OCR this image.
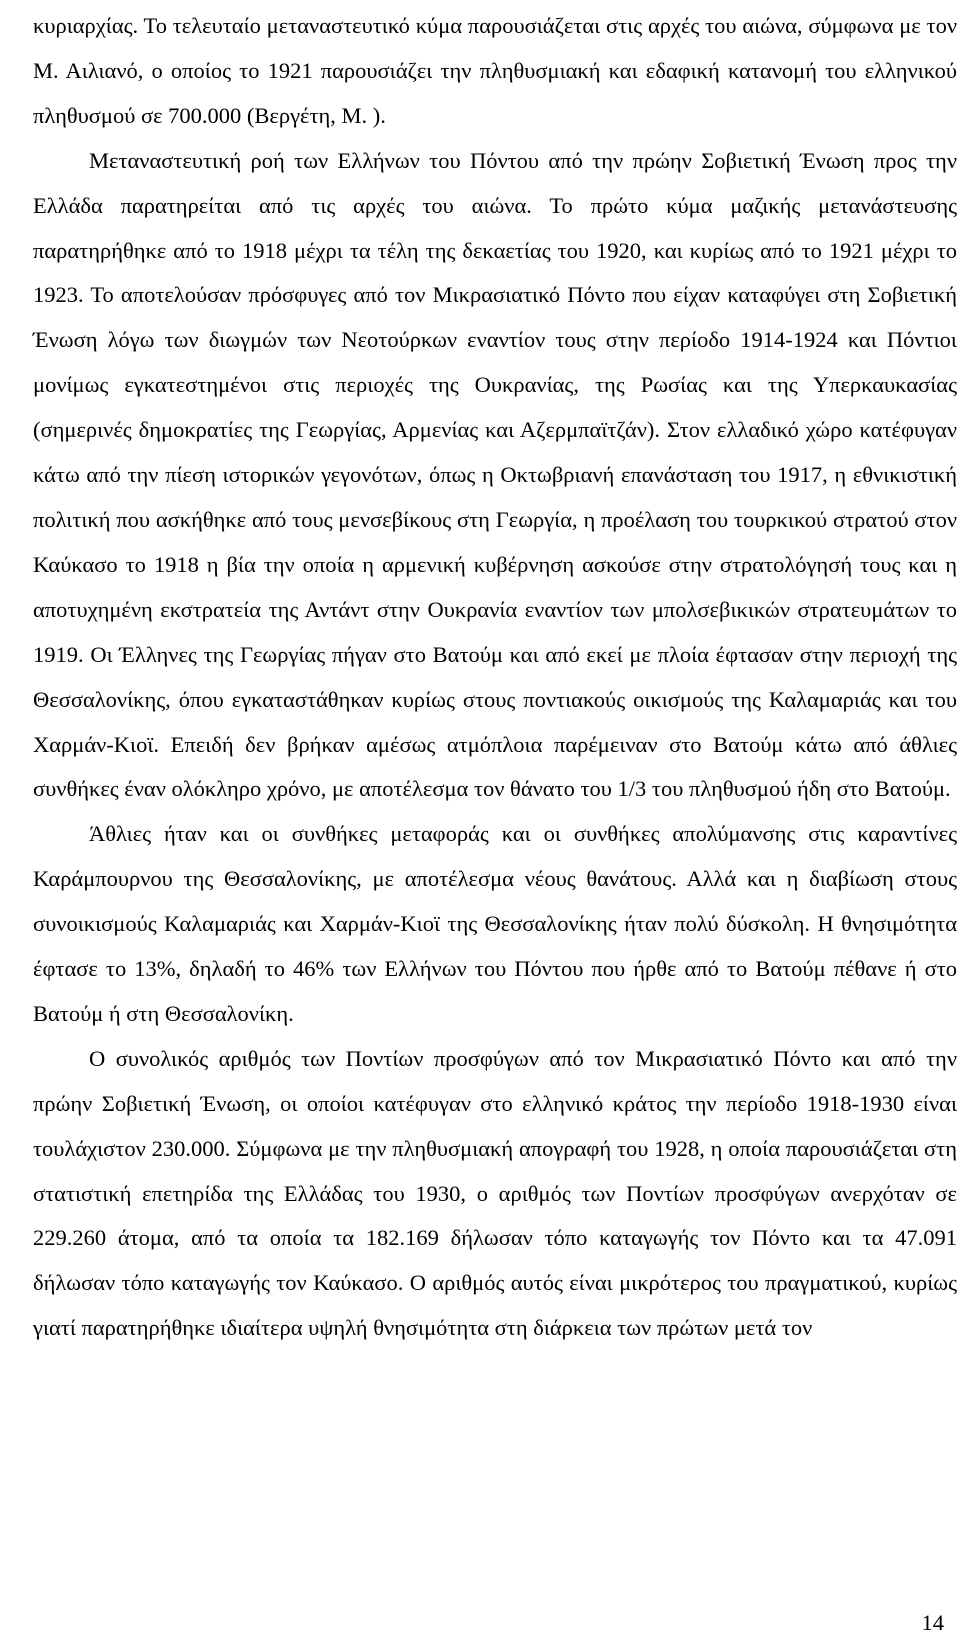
κυριαρχίας. Το τελευταίο μεταναστευτικό κύμα παρουσιάζεται στις αρχές του αιώνα, σύμφωνα με τον Μ. Αιλιανό, ο οποίος το 1921 παρουσιάζει την πληθυσμιακή και εδαφική κατανομή του ελληνικού πληθυσμού σε 700.000 (Βεργέτη, Μ. ).

Μεταναστευτική ροή των Ελλήνων του Πόντου από την πρώην Σοβιετική Ένωση προς την Ελλάδα παρατηρείται από τις αρχές του αιώνα. Το πρώτο κύμα μαζικής μετανάστευσης παρατηρήθηκε από το 1918 μέχρι τα τέλη της δεκαετίας του 1920, και κυρίως από το 1921 μέχρι το 1923. Το αποτελούσαν πρόσφυγες από τον Μικρασιατικό Πόντο που είχαν καταφύγει στη Σοβιετική Ένωση λόγω των διωγμών των Νεοτούρκων εναντίον τους στην περίοδο 1914-1924 και Πόντιοι μονίμως εγκατεστημένοι στις περιοχές της Ουκρανίας, της Ρωσίας και της Υπερκαυκασίας (σημερινές δημοκρατίες της Γεωργίας, Αρμενίας και Αζερμπαϊτζάν). Στον ελλαδικό χώρο κατέφυγαν κάτω από την πίεση ιστορικών γεγονότων, όπως η Οκτωβριανή επανάσταση του 1917, η εθνικιστική πολιτική που ασκήθηκε από τους μενσεβίκους στη Γεωργία, η προέλαση του τουρκικού στρατού στον Καύκασο το 1918 η βία την οποία η αρμενική κυβέρνηση ασκούσε στην στρατολόγησή τους και η αποτυχημένη εκστρατεία της Αντάντ στην Ουκρανία εναντίον των μπολσεβικικών στρατευμάτων το 1919. Οι Έλληνες της Γεωργίας πήγαν στο Βατούμ και από εκεί με πλοία έφτασαν στην περιοχή της Θεσσαλονίκης, όπου εγκαταστάθηκαν κυρίως στους ποντιακούς οικισμούς της Καλαμαριάς και του Χαρμάν-Κιοϊ. Επειδή δεν βρήκαν αμέσως ατμόπλοια παρέμειναν στο Βατούμ κάτω από άθλιες συνθήκες έναν ολόκληρο χρόνο, με αποτέλεσμα τον θάνατο του 1/3 του πληθυσμού ήδη στο Βατούμ.

Άθλιες ήταν και οι συνθήκες μεταφοράς και οι συνθήκες απολύμανσης στις καραντίνες Καράμπουρνου της Θεσσαλονίκης, με αποτέλεσμα νέους θανάτους. Αλλά και η διαβίωση στους συνοικισμούς Καλαμαριάς και Χαρμάν-Κιοϊ της Θεσσαλονίκης ήταν πολύ δύσκολη. Η θνησιμότητα έφτασε το 13%, δηλαδή το 46% των Ελλήνων του Πόντου που ήρθε από το Βατούμ πέθανε ή στο Βατούμ ή στη Θεσσαλονίκη.

Ο συνολικός αριθμός των Ποντίων προσφύγων από τον Μικρασιατικό Πόντο και από την πρώην Σοβιετική Ένωση, οι οποίοι κατέφυγαν στο ελληνικό κράτος την περίοδο 1918-1930 είναι τουλάχιστον 230.000. Σύμφωνα με την πληθυσμιακή απογραφή του 1928, η οποία παρουσιάζεται στη στατιστική επετηρίδα της Ελλάδας του 1930, ο αριθμός των Ποντίων προσφύγων ανερχόταν σε 229.260 άτομα, από τα οποία τα 182.169 δήλωσαν τόπο καταγωγής τον Πόντο και τα 47.091 δήλωσαν τόπο καταγωγής τον Καύκασο. Ο αριθμός αυτός είναι μικρότερος του πραγματικού, κυρίως γιατί παρατηρήθηκε ιδιαίτερα υψηλή θνησιμότητα στη διάρκεια των πρώτων μετά τον

14
